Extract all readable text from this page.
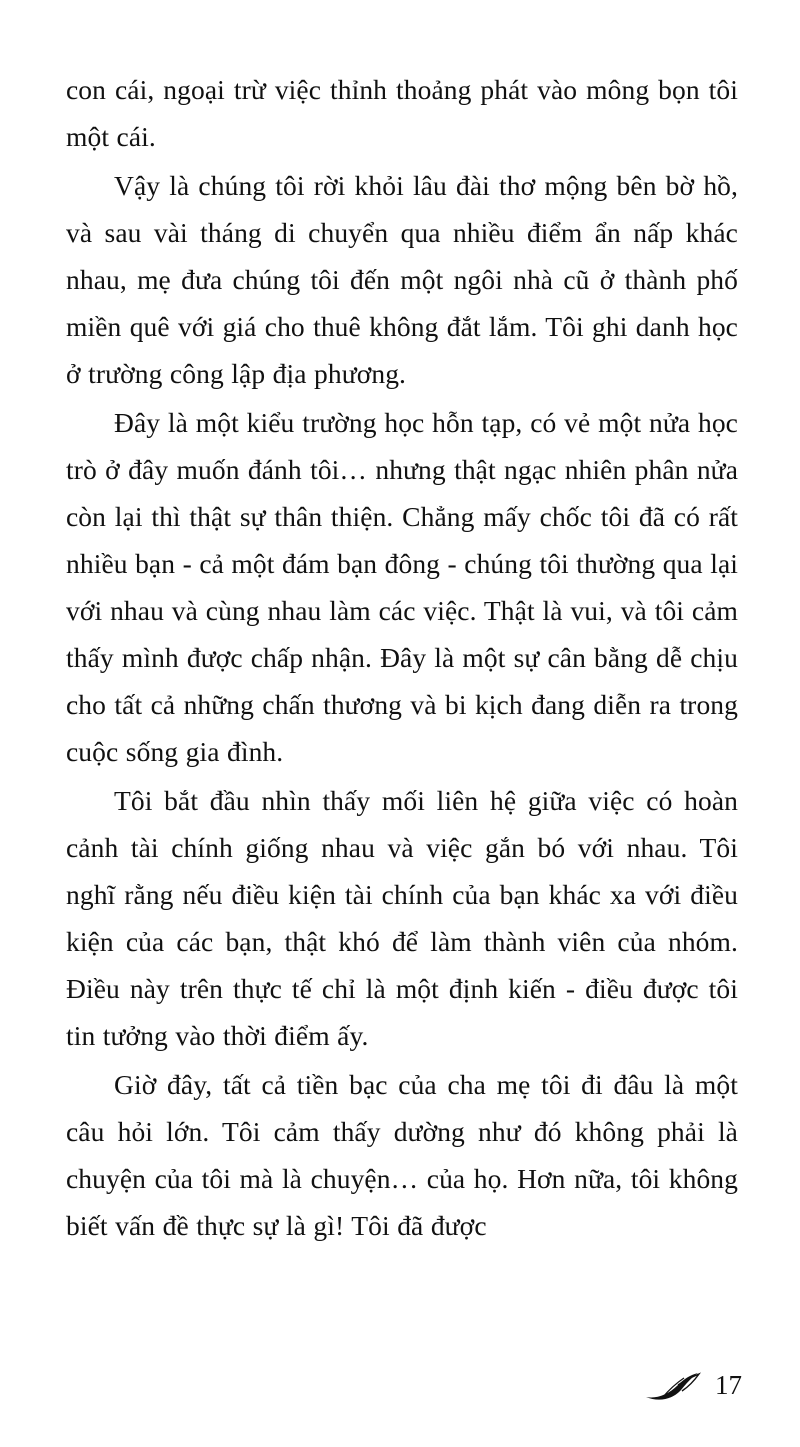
con cái, ngoại trừ việc thỉnh thoảng phát vào mông bọn tôi một cái.

Vậy là chúng tôi rời khỏi lâu đài thơ mộng bên bờ hồ, và sau vài tháng di chuyển qua nhiều điểm ẩn nấp khác nhau, mẹ đưa chúng tôi đến một ngôi nhà cũ ở thành phố miền quê với giá cho thuê không đắt lắm. Tôi ghi danh học ở trường công lập địa phương.

Đây là một kiểu trường học hỗn tạp, có vẻ một nửa học trò ở đây muốn đánh tôi… nhưng thật ngạc nhiên phân nửa còn lại thì thật sự thân thiện. Chẳng mấy chốc tôi đã có rất nhiều bạn - cả một đám bạn đông - chúng tôi thường qua lại với nhau và cùng nhau làm các việc. Thật là vui, và tôi cảm thấy mình được chấp nhận. Đây là một sự cân bằng dễ chịu cho tất cả những chấn thương và bi kịch đang diễn ra trong cuộc sống gia đình.

Tôi bắt đầu nhìn thấy mối liên hệ giữa việc có hoàn cảnh tài chính giống nhau và việc gắn bó với nhau. Tôi nghĩ rằng nếu điều kiện tài chính của bạn khác xa với điều kiện của các bạn, thật khó để làm thành viên của nhóm. Điều này trên thực tế chỉ là một định kiến - điều được tôi tin tưởng vào thời điểm ấy.

Giờ đây, tất cả tiền bạc của cha mẹ tôi đi đâu là một câu hỏi lớn. Tôi cảm thấy dường như đó không phải là chuyện của tôi mà là chuyện… của họ. Hơn nữa, tôi không biết vấn đề thực sự là gì! Tôi đã được

17
